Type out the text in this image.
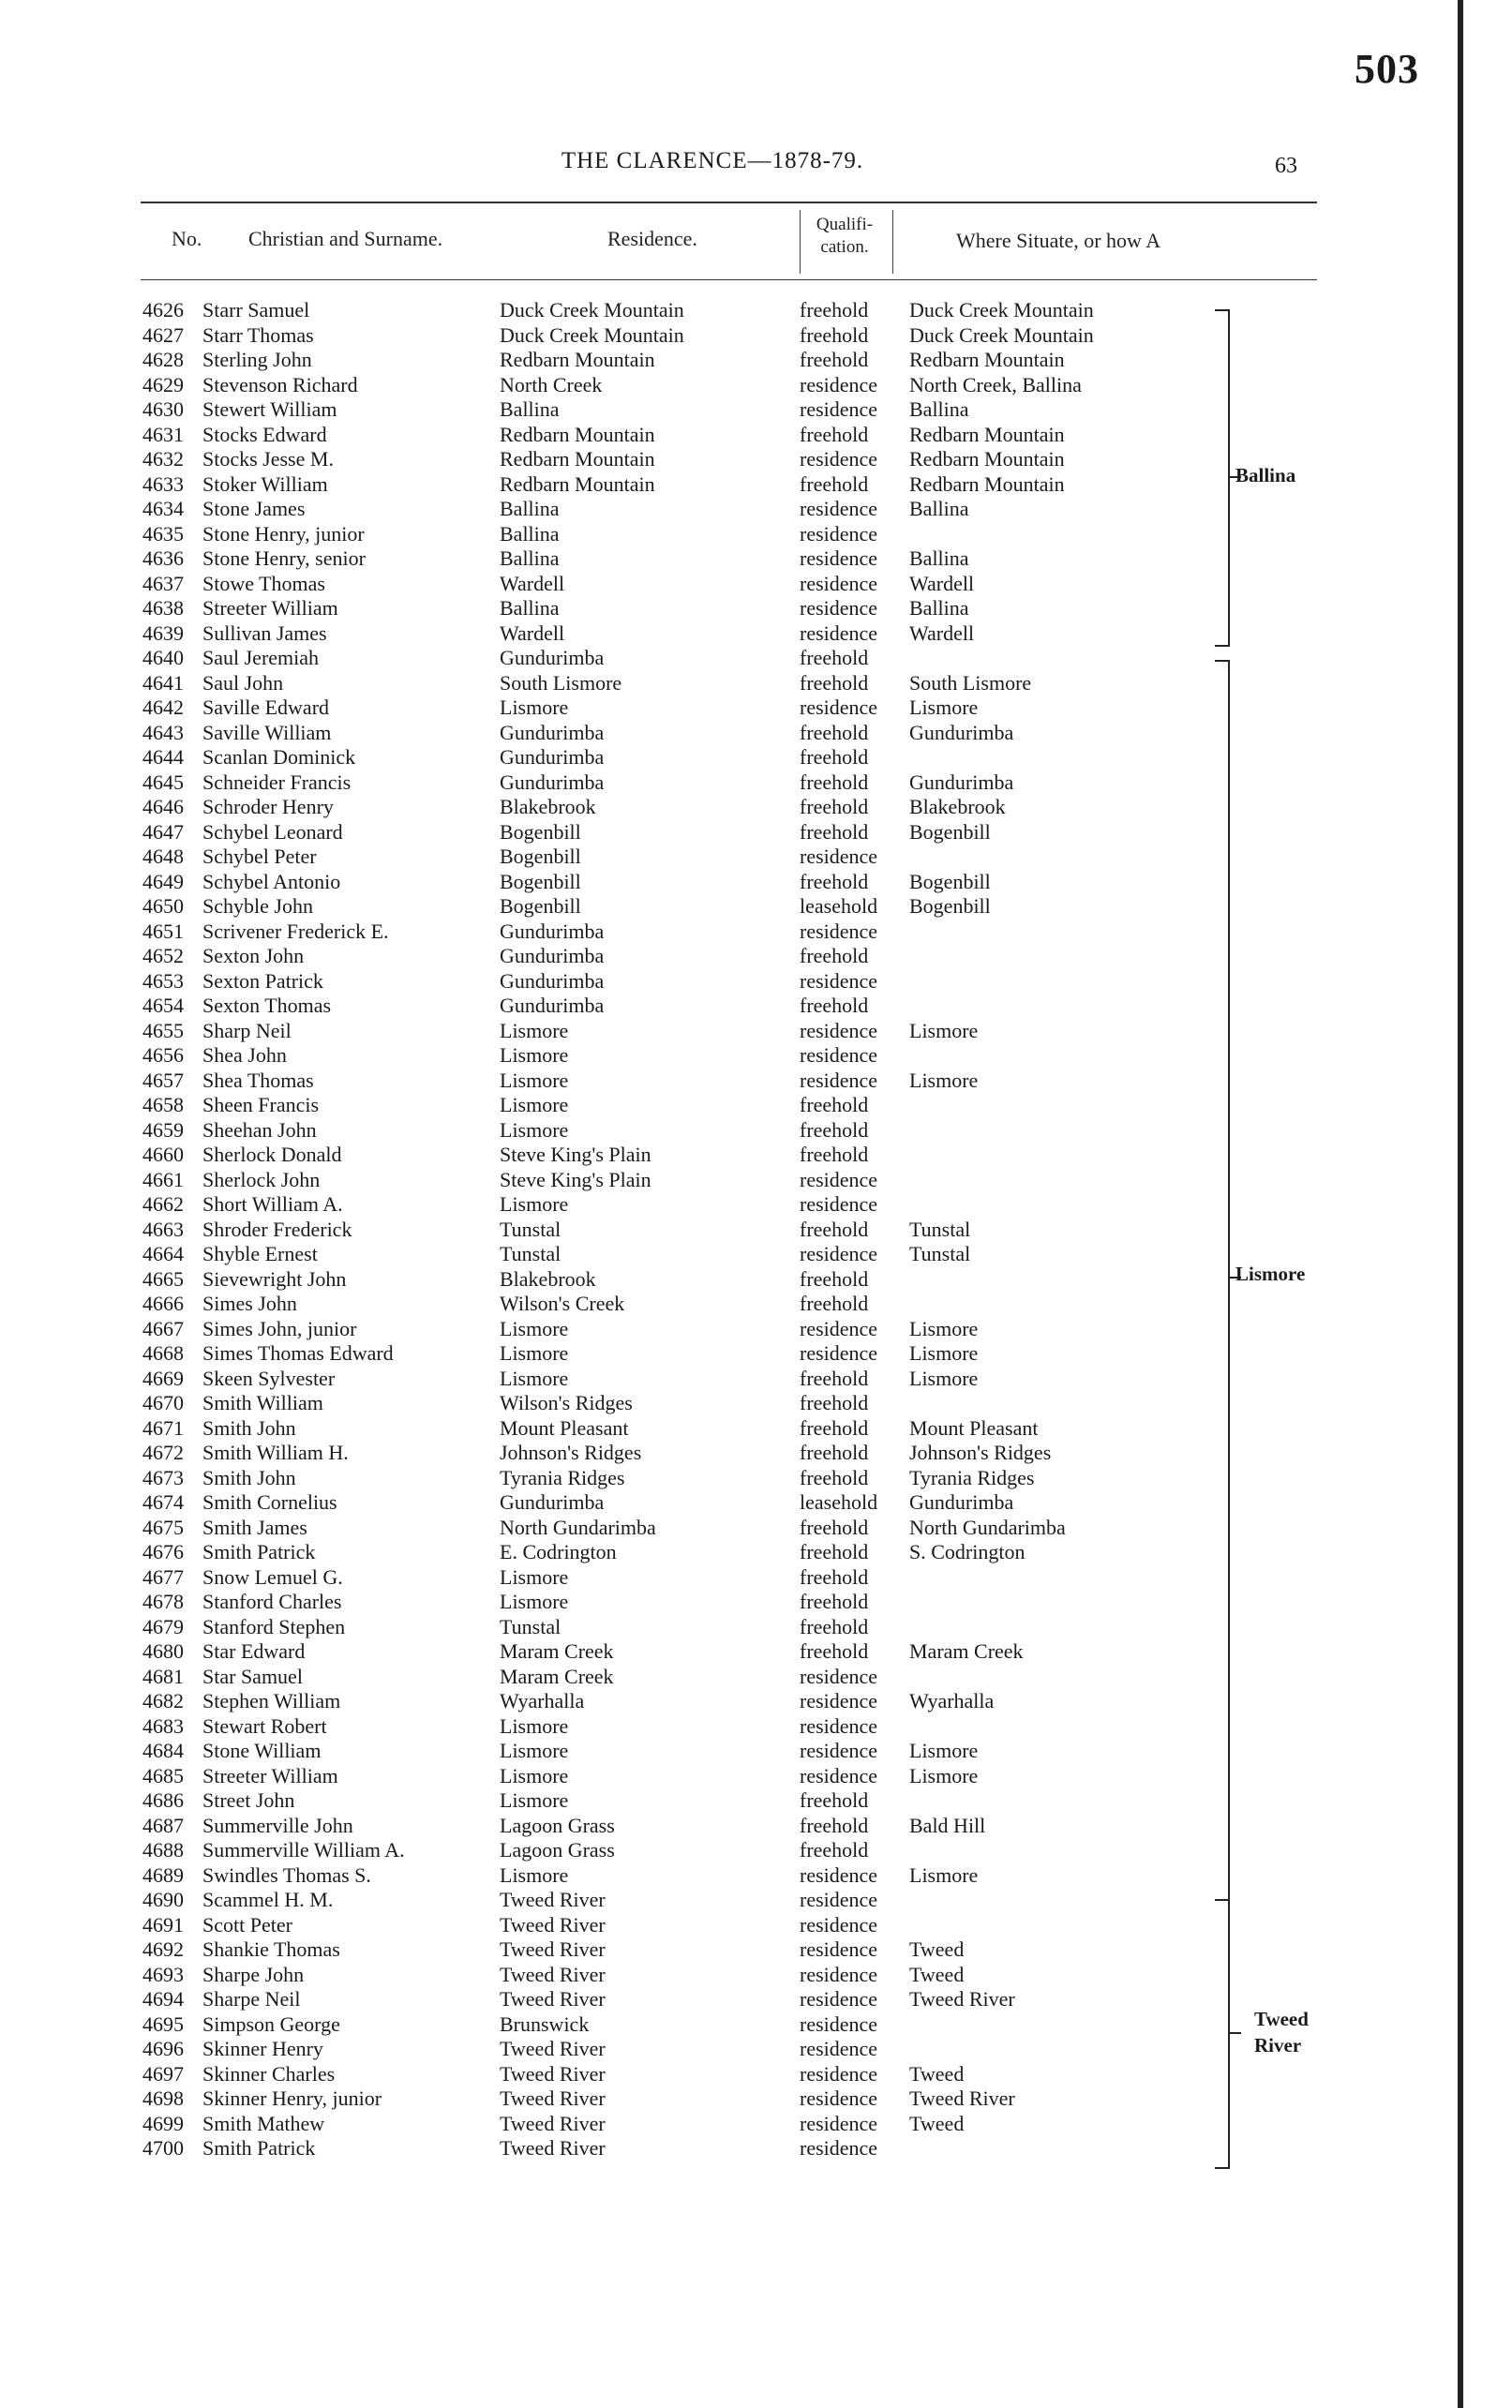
503
THE CLARENCE—1878-79.	63
No. Christian and Surname.	Residence.
Qualifi-
cation.	Where Situate, or how A
4626 Starr Samuel	Duck Creek Mountain	freehold Duck Creek Mountain
4627 Starr Thomas	Duck Creek Mountain	freehold Duck Creek Mountain
4628 Sterling John	Redbarn Mountain	freehold Redbarn Mountain
4629 Stevenson Richard	North Creek	residence North Creek, Ballina
4630 Stewert William	Ballina	residence Ballina
4631 Stocks Edward	Redbarn Mountain	freehold Redbarn Mountain
4632 Stocks Jesse M.	Redbarn Mountain	residence Redbarn Mountain
4633 Stoker William	Redbarn Mountain	freehold Redbarn Mountain
4634 Stone James	Ballina	residence Ballina
4635 Stone Henry, junior	Ballina	residence
4636 Stone Henry, senior	Ballina	residence Ballina
4637 Stowe Thomas	Wardell	residence Wardell
4638 Streeter William	Ballina	residence Ballina
4639 Sullivan James	Wardell	residence Wardell
4640 Saul Jeremiah	Gundurimba	freehold
4641 Saul John	South Lismore	freehold South Lismore
4642 Saville Edward	Lismore	residence Lismore
4643 Saville William	Gundurimba	freehold Gundurimba
4644 Scanlan Dominick	Gundurimba	freehold
4645 Schneider Francis	Gundurimba	freehold Gundurimba
4646 Schroder Henry	Blakebrook	freehold Blakebrook
4647 Schybel Leonard	Bogenbill	freehold Bogenbill
4648 Schybel Peter	Bogenbill	residence
4649 Schybel Antonio	Bogenbill	freehold Bogenbill
4650 Schyble John	Bogenbill	leasehold Bogenbill
4651 Scrivener Frederick E.	Gundurimba	residence
4652 Sexton John	Gundurimba	freehold
4653 Sexton Patrick	Gundurimba	residence
4654 Sexton Thomas	Gundurimba	freehold
4655 Sharp Neil	Lismore	residence Lismore
4656 Shea John	Lismore	residence
4657 Shea Thomas	Lismore	residence Lismore
4658 Sheen Francis	Lismore	freehold
4659 Sheehan John	Lismore	freehold
4660 Sherlock Donald	Steve King's Plain	freehold
4661 Sherlock John	Steve King's Plain	residence
4662 Short William A.	Lismore	residence
4663 Shroder Frederick	Tunstal	freehold Tunstal
4664 Shyble Ernest	Tunstal	residence Tunstal
4665 Sievewright John	Blakebrook	freehold
4666 Simes John	Wilson's Creek	freehold
4667 Simes John, junior	Lismore	residence Lismore
4668 Simes Thomas Edward	Lismore	residence Lismore
4669 Skeen Sylvester	Lismore	freehold Lismore
4670 Smith William	Wilson's Ridges	freehold
4671 Smith John	Mount Pleasant	freehold Mount Pleasant
4672 Smith William H.	Johnson's Ridges	freehold Johnson's Ridges
4673 Smith John	Tyrania Ridges	freehold Tyrania Ridges
4674 Smith Cornelius	Gundurimba	leasehold Gundurimba
4675 Smith James	North Gundarimba	freehold North Gundarimba
4676 Smith Patrick	E. Codrington	freehold S. Codrington
4677 Snow Lemuel G.	Lismore	freehold
4678 Stanford Charles	Lismore	freehold
4679 Stanford Stephen	Tunstal	freehold
4680 Star Edward	Maram Creek	freehold Maram Creek
4681 Star Samuel	Maram Creek	residence
4682 Stephen William	Wyarhalla	residence Wyarhalla
4683 Stewart Robert	Lismore	residence
4684 Stone William	Lismore	residence Lismore
4685 Streeter William	Lismore	residence Lismore
4686 Street John	Lismore	freehold
4687 Summerville John	Lagoon Grass	freehold Bald Hill
4688 Summerville William A.	Lagoon Grass	freehold
4689 Swindles Thomas S.	Lismore	residence Lismore
4690 Scammel H. M.	Tweed River	residence
4691 Scott Peter	Tweed River	residence
4692 Shankie Thomas	Tweed River	residence Tweed
4693 Sharpe John	Tweed River	residence Tweed
4694 Sharpe Neil	Tweed River	residence Tweed River
4695 Simpson George	Brunswick	residence
4696 Skinner Henry	Tweed River	residence
4697 Skinner Charles	Tweed River	residence Tweed
4698 Skinner Henry, junior	Tweed River	residence Tweed River
4699 Smith Mathew	Tweed River	residence Tweed
4700 Smith Patrick	Tweed River	residence
Ballina
Lismore
Tweed
River
